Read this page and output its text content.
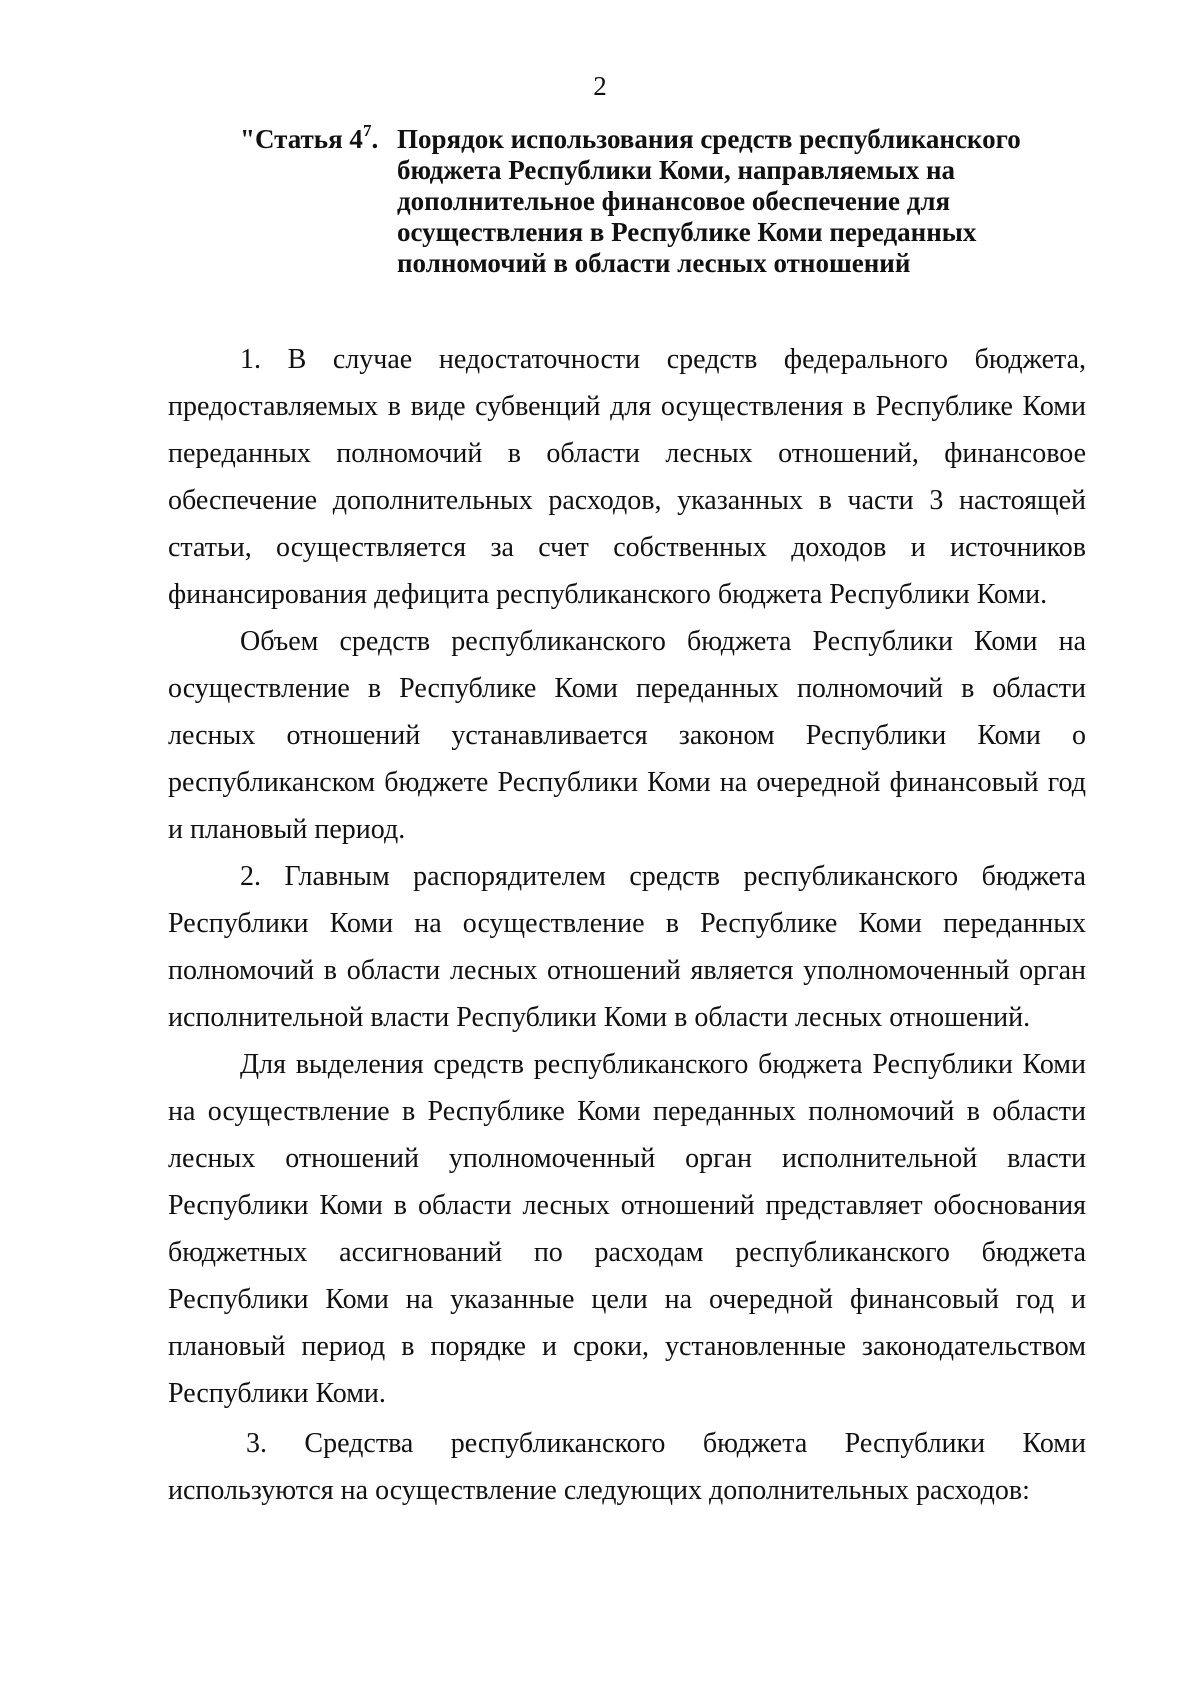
2
"Статья $4^7$. Порядок использования средств республиканского бюджета Республики Коми, направляемых на дополнительное финансовое обеспечение для осуществления в Республике Коми переданных полномочий в области лесных отношений

1. В случае недостаточности средств федерального бюджета, предоставляемых в виде субвенций для осуществления в Республике Коми переданных полномочий в области лесных отношений, финансовое обеспечение дополнительных расходов, указанных в части 3 настоящей статьи, осуществляется за счет собственных доходов и источников финансирования дефицита республиканского бюджета Республики Коми.

Объем средств республиканского бюджета Республики Коми на осуществление в Республике Коми переданных полномочий в области лесных отношений устанавливается законом Республики Коми о республиканском бюджете Республики Коми на очередной финансовый год и плановый период.

2. Главным распорядителем средств республиканского бюджета Республики Коми на осуществление в Республике Коми переданных полномочий в области лесных отношений является уполномоченный орган исполнительной власти Республики Коми в области лесных отношений.

Для выделения средств республиканского бюджета Республики Коми на осуществление в Республике Коми переданных полномочий в области лесных отношений уполномоченный орган исполнительной власти Республики Коми в области лесных отношений представляет обоснования бюджетных ассигнований по расходам республиканского бюджета Республики Коми на указанные цели на очередной финансовый год и плановый период в порядке и сроки, установленные законодательством Республики Коми.

3. Средства республиканского бюджета Республики Коми используются на осуществление следующих дополнительных расходов:
